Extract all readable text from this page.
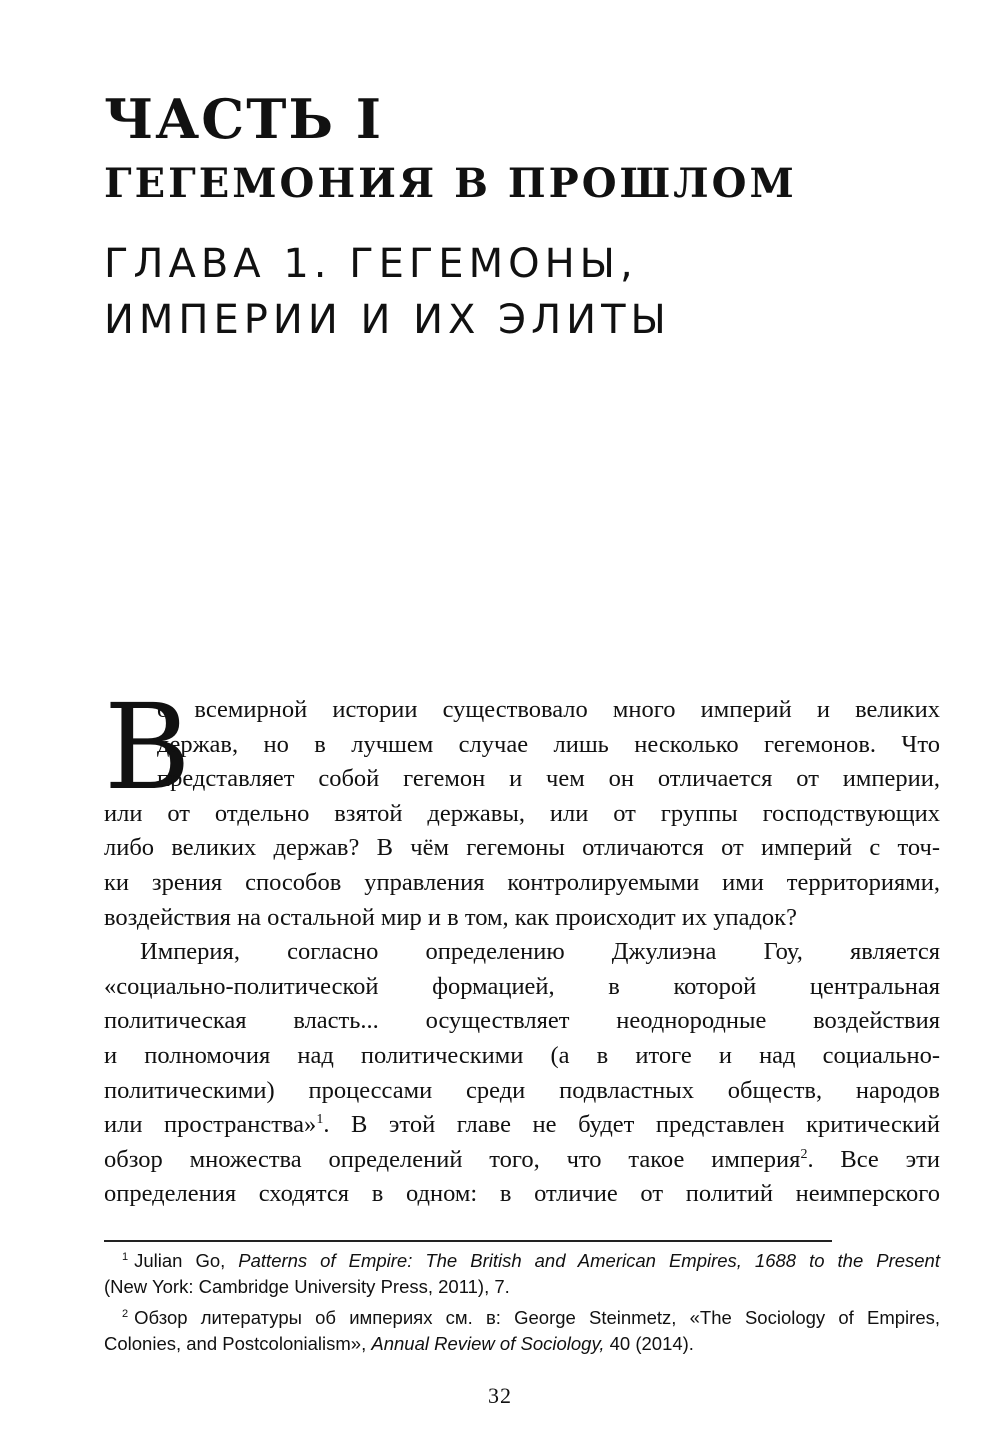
ЧАСТЬ I
ГЕГЕМОНИЯ В ПРОШЛОМ
ГЛАВА 1. ГЕГЕМОНЫ,
ИМПЕРИИ И ИХ ЭЛИТЫ
В
о всемирной истории существовало много империй и великих
держав, но в лучшем случае лишь несколько гегемонов. Что
представляет собой гегемон и чем он отличается от империи,
или от отдельно взятой державы, или от группы господствующих
либо великих держав? В чём гегемоны отличаются от империй с точ-
ки зрения способов управления контролируемыми ими территориями,
воздействия на остальной мир и в том, как происходит их упадок?
Империя, согласно определению Джулиэна Гоу, является
«социально-политической формацией, в которой центральная
политическая власть... осуществляет неоднородные воздействия
и полномочия над политическими (а в итоге и над социально-
политическими) процессами среди подвластных обществ, народов
или пространства»$^1$. В этой главе не будет представлен критический
обзор множества определений того, что такое империя$^2$. Все эти
определения сходятся в одном: в отличие от политий неимперского
$^1$ Julian Go, Patterns of Empire: The British and American Empires, 1688 to the Present
(New York: Cambridge University Press, 2011), 7.
$^2$ Обзор литературы об империях см. в: George Steinmetz, «The Sociology of Empires,
Colonies, and Postcolonialism», Annual Review of Sociology, 40 (2014).
32
